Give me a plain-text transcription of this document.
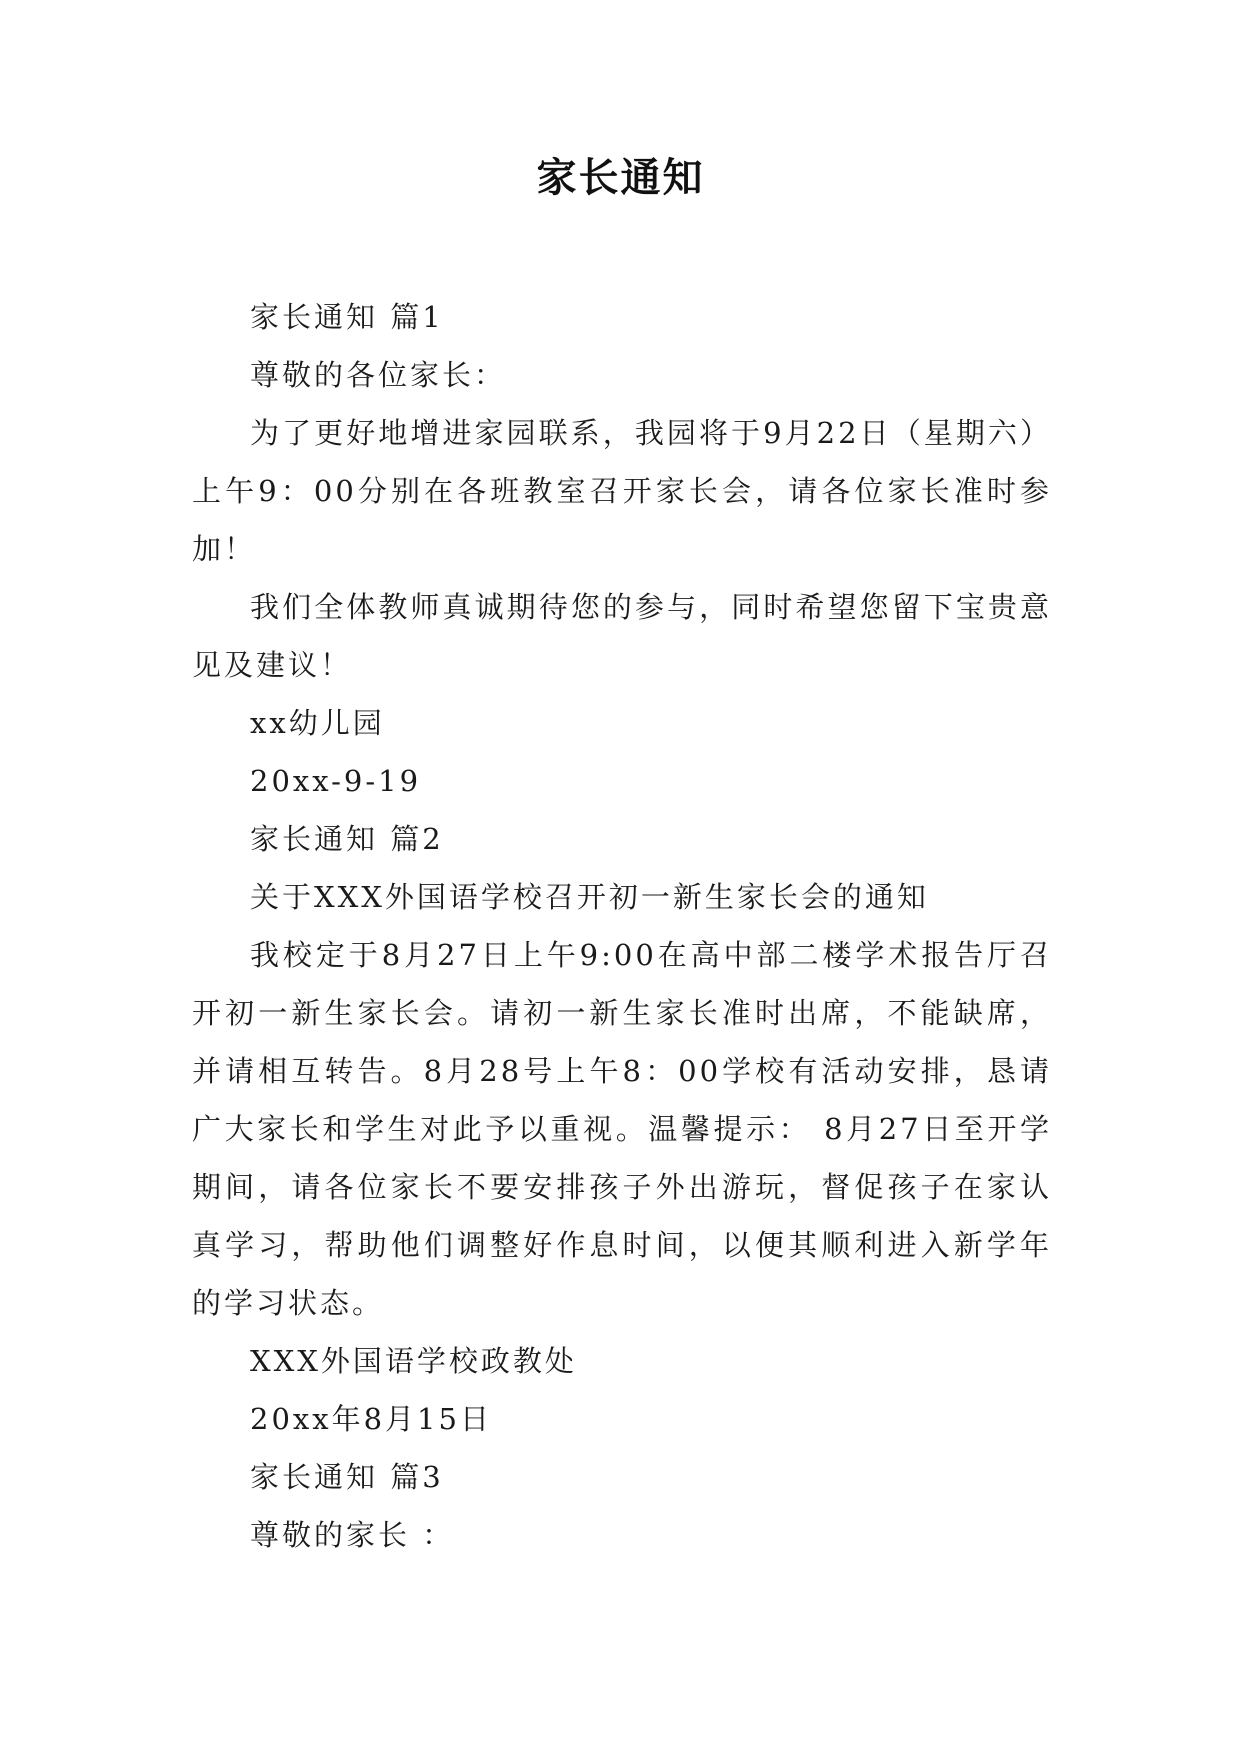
家长通知

家长通知 篇1

尊敬的各位家长：

为了更好地增进家园联系，我园将于9月22日（星期六）上午9：00分别在各班教室召开家长会，请各位家长准时参加！

我们全体教师真诚期待您的参与，同时希望您留下宝贵意见及建议！

xx幼儿园

20xx-9-19

家长通知 篇2

关于XXX外国语学校召开初一新生家长会的通知

我校定于8月27日上午9:00在高中部二楼学术报告厅召开初一新生家长会。请初一新生家长准时出席，不能缺席，并请相互转告。8月28号上午8：00学校有活动安排，恳请广大家长和学生对此予以重视。温馨提示： 8月27日至开学期间，请各位家长不要安排孩子外出游玩，督促孩子在家认真学习，帮助他们调整好作息时间，以便其顺利进入新学年的学习状态。

XXX外国语学校政教处

20xx年8月15日

家长通知 篇3

尊敬的家长 ：
